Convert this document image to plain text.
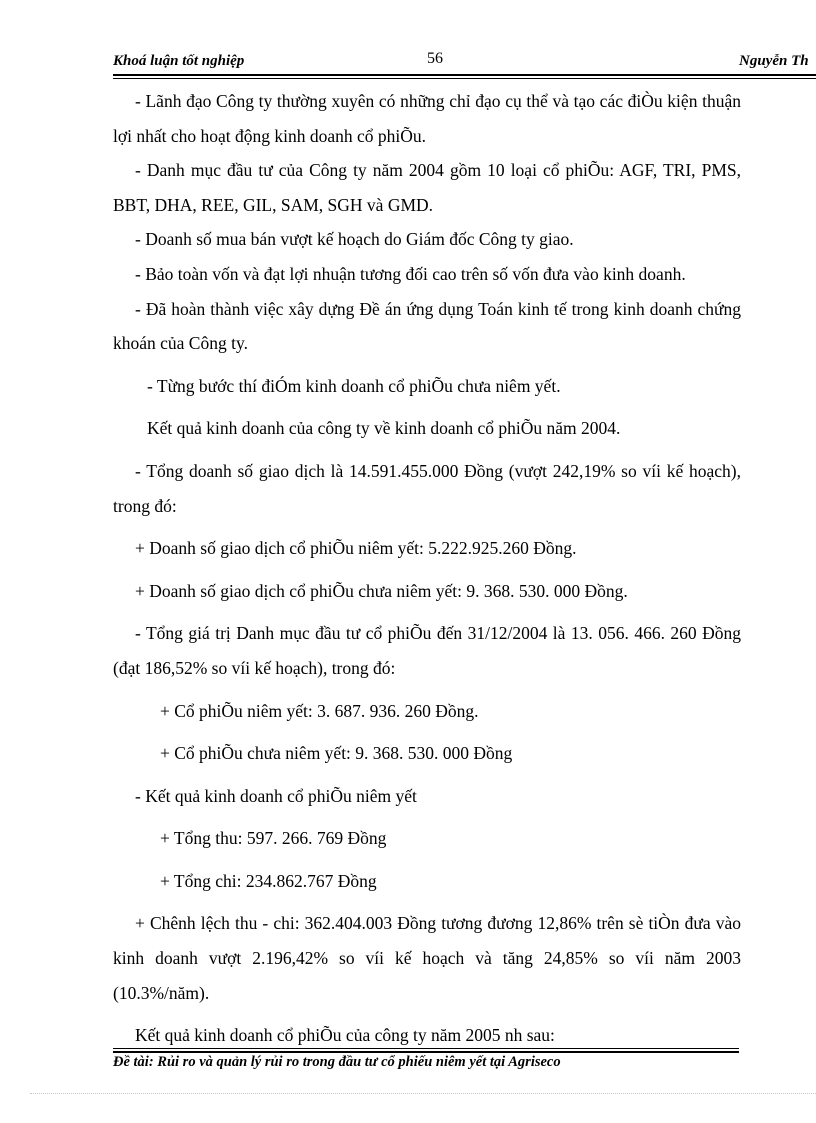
Khoá luận tốt nghiệp	56	Nguyễn Th

- Lãnh đạo Công ty thường xuyên có những chỉ đạo cụ thể và tạo các điÒu kiện thuận lợi nhất cho hoạt động kinh doanh cổ phiÕu.

- Danh mục đầu tư của Công ty năm 2004 gồm 10 loại cổ phiÕu: AGF, TRI, PMS, BBT, DHA, REE, GIL, SAM, SGH và GMD.

- Doanh số mua bán vượt kế hoạch do Giám đốc Công ty giao.

- Bảo toàn vốn và đạt lợi nhuận tương đối cao trên số vốn đưa vào kinh doanh.

- Đã hoàn thành việc xây dựng Đề án ứng dụng Toán kinh tế trong kinh doanh chứng khoán của Công ty.

- Từng bước thí điÓm kinh doanh cổ phiÕu chưa niêm yết.

Kết quả kinh doanh của công ty về kinh doanh cổ phiÕu năm 2004.

- Tổng doanh số giao dịch là 14.591.455.000 Đồng (vượt 242,19% so víi kế hoạch), trong đó:

+ Doanh số giao dịch cổ phiÕu niêm yết: 5.222.925.260 Đồng.

+ Doanh số giao dịch cổ phiÕu chưa niêm yết: 9. 368. 530. 000 Đồng.

- Tổng giá trị Danh mục đầu tư cổ phiÕu đến 31/12/2004 là 13. 056. 466. 260 Đồng (đạt 186,52% so víi kế hoạch), trong đó:

+ Cổ phiÕu niêm yết: 3. 687. 936. 260 Đồng.

+ Cổ phiÕu chưa niêm yết: 9. 368. 530. 000 Đồng

- Kết quả kinh doanh cổ phiÕu niêm yết

+ Tổng thu: 597. 266. 769 Đồng

+ Tổng chi: 234.862.767 Đồng

+ Chênh lệch thu - chi: 362.404.003 Đồng tương đương 12,86% trên sè tiÒn đưa vào kinh doanh vượt 2.196,42% so víi kế hoạch và tăng 24,85% so víi năm 2003 (10.3%/năm).

Kết quả kinh doanh cổ phiÕu của công ty năm 2005 nh sau:

Đề tài: Rủi ro và quản lý rủi ro trong đầu tư cổ phiếu niêm yết tại Agriseco
